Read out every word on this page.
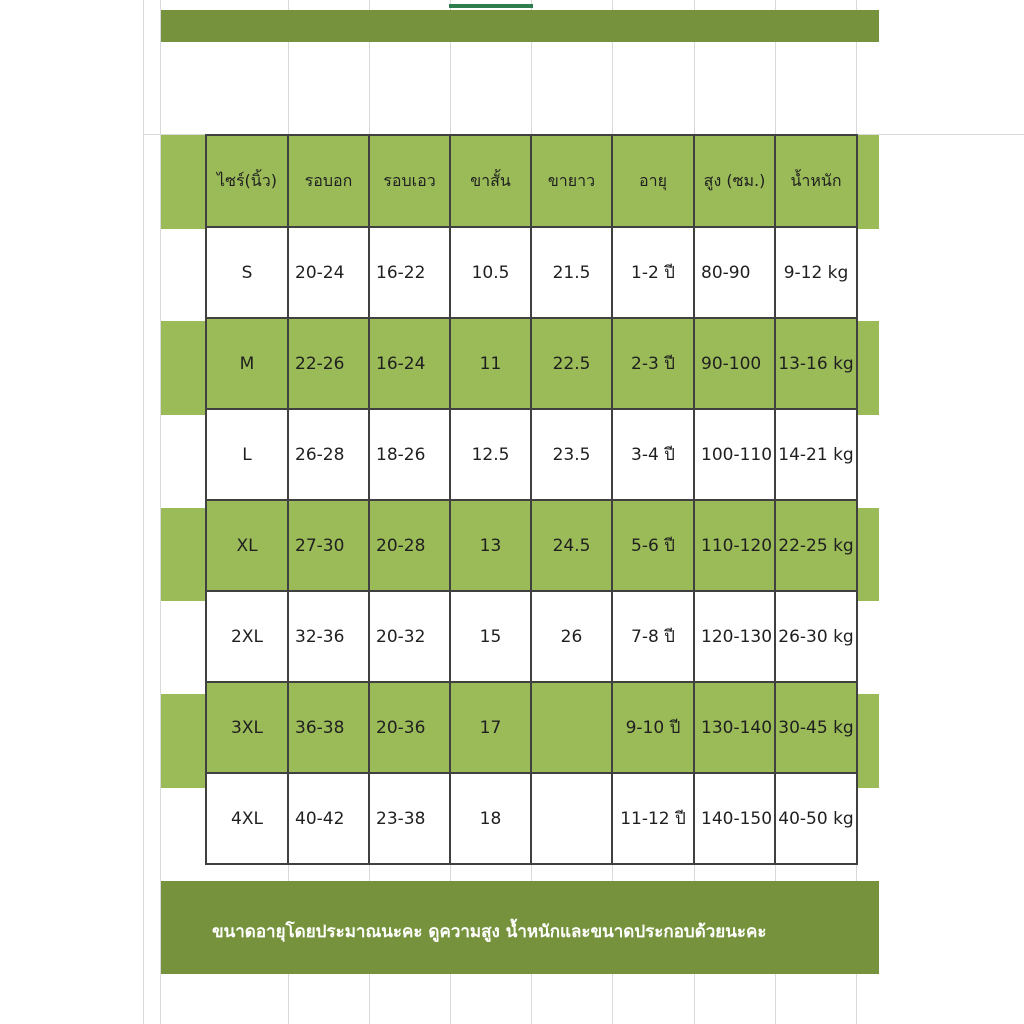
ไซร์(นิ้ว)	รอบอก	รอบเอว	ขาสั้น	ขายาว	อายุ	สูง (ซม.)	น้ำหนัก
S	20-24	16-22	10.5	21.5	1-2 ปี	80-90	9-12 kg
M	22-26	16-24	11	22.5	2-3 ปี	90-100	13-16 kg
L	26-28	18-26	12.5	23.5	3-4 ปี	100-110	14-21 kg
XL	27-30	20-28	13	24.5	5-6 ปี	110-120	22-25 kg
2XL	32-36	20-32	15	26	7-8 ปี	120-130	26-30 kg
3XL	36-38	20-36	17		9-10 ปี	130-140	30-45 kg
4XL	40-42	23-38	18		11-12 ปี	140-150	40-50 kg
ขนาดอายุโดยประมาณนะคะ ดูความสูง น้ำหนักและขนาดประกอบด้วยนะคะ
